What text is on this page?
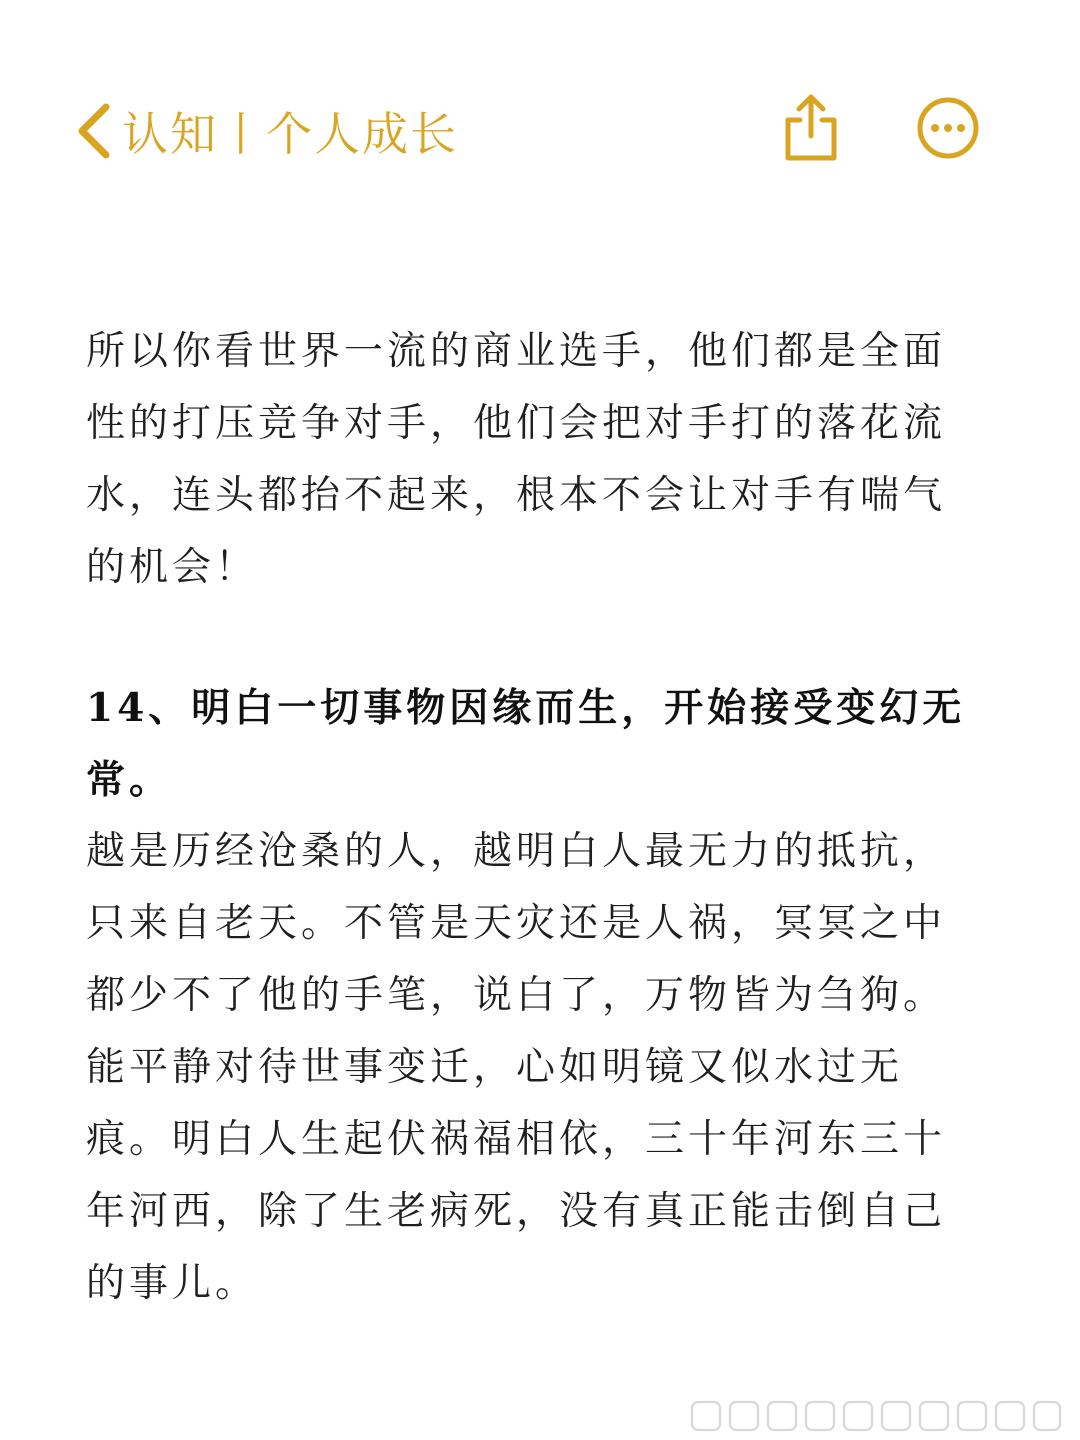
认知丨个人成长

所以你看世界一流的商业选手，他们都是全面性的打压竞争对手，他们会把对手打的落花流水，连头都抬不起来，根本不会让对手有喘气的机会！

14、明白一切事物因缘而生，开始接受变幻无常。

越是历经沧桑的人，越明白人最无力的抵抗，只来自老天。不管是天灾还是人祸，冥冥之中都少不了他的手笔，说白了，万物皆为刍狗。能平静对待世事变迁，心如明镜又似水过无痕。明白人生起伏祸福相依，三十年河东三十年河西，除了生老病死，没有真正能击倒自己的事儿。
